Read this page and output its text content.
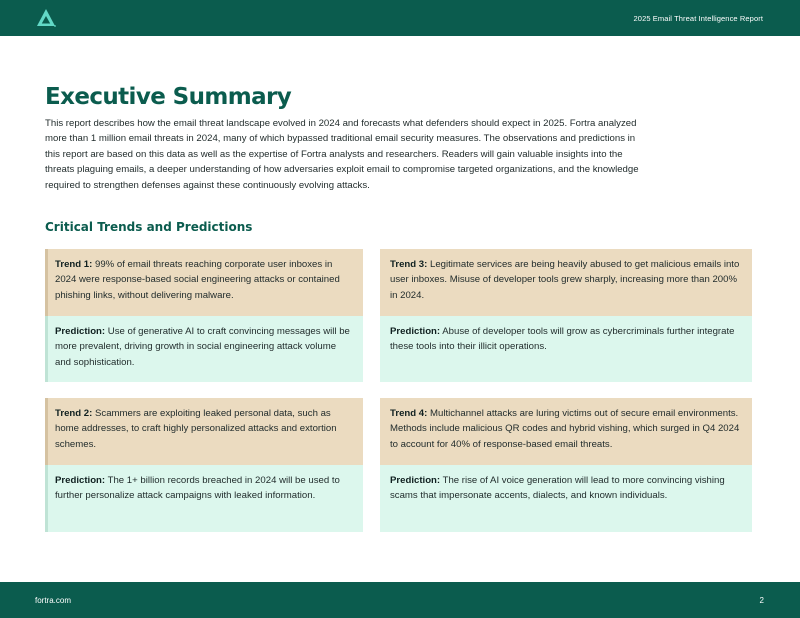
2025 Email Threat Intelligence Report
Executive Summary

This report describes how the email threat landscape evolved in 2024 and forecasts what defenders should expect in 2025. Fortra analyzed more than 1 million email threats in 2024, many of which bypassed traditional email security measures. The observations and predictions in this report are based on this data as well as the expertise of Fortra analysts and researchers. Readers will gain valuable insights into the threats plaguing emails, a deeper understanding of how adversaries exploit email to compromise targeted organizations, and the knowledge required to strengthen defenses against these continuously evolving attacks.

Critical Trends and Predictions
Trend 1: 99% of email threats reaching corporate user inboxes in 2024 were response-based social engineering attacks or contained phishing links, without delivering malware.
Prediction: Use of generative AI to craft convincing messages will be more prevalent, driving growth in social engineering attack volume and sophistication.
Trend 2: Scammers are exploiting leaked personal data, such as home addresses, to craft highly personalized attacks and extortion schemes.
Prediction: The 1+ billion records breached in 2024 will be used to further personalize attack campaigns with leaked information.
Trend 3: Legitimate services are being heavily abused to get malicious emails into user inboxes. Misuse of developer tools grew sharply, increasing more than 200% in 2024.
Prediction: Abuse of developer tools will grow as cybercriminals further integrate these tools into their illicit operations.
Trend 4: Multichannel attacks are luring victims out of secure email environments. Methods include malicious QR codes and hybrid vishing, which surged in Q4 2024 to account for 40% of response-based email threats.
Prediction: The rise of AI voice generation will lead to more convincing vishing scams that impersonate accents, dialects, and known individuals.
fortra.com	2
